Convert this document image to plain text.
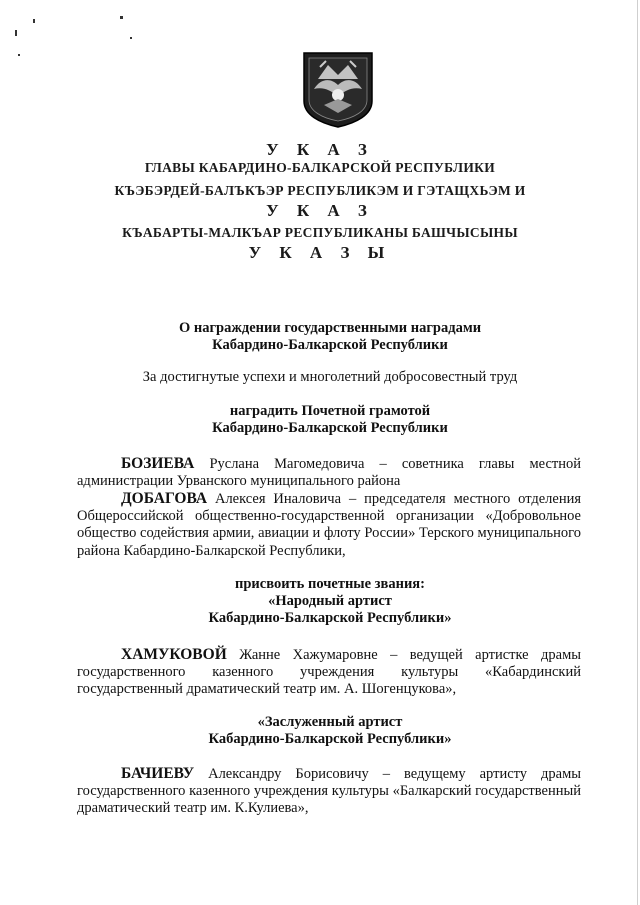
У К А З
ГЛАВЫ КАБАРДИНО-БАЛКАРСКОЙ РЕСПУБЛИКИ
КЪЭБЭРДЕЙ-БАЛЪКЪЭР РЕСПУБЛИКЭМ И ГЭТАЩХЬЭМ И
У К А З
КЪАБАРТЫ-МАЛКЪАР РЕСПУБЛИКАНЫ БАШЧЫСЫНЫ
У К А З Ы
О награждении государственными наградами
Кабардино-Балкарской Республики
За достигнутые успехи и многолетний добросовестный труд
наградить Почетной грамотой
Кабардино-Балкарской Республики
БОЗИЕВА Руслана Магомедовича – советника главы местной администрации Урванского муниципального района
ДОБАГОВА Алексея Иналовича – председателя местного отделения Общероссийской общественно-государственной организации «Добровольное общество содействия армии, авиации и флоту России» Терского муниципального района Кабардино-Балкарской Республики,
присвоить почетные звания:
«Народный артист
Кабардино-Балкарской Республики»
ХАМУКОВОЙ Жанне Хажумаровне – ведущей артистке драмы государственного казенного учреждения культуры «Кабардинский государственный драматический театр им. А. Шогенцукова»,
«Заслуженный артист
Кабардино-Балкарской Республики»
БАЧИЕВУ Александру Борисовичу – ведущему артисту драмы государственного казенного учреждения культуры «Балкарский государственный драматический театр им. К.Кулиева»,
